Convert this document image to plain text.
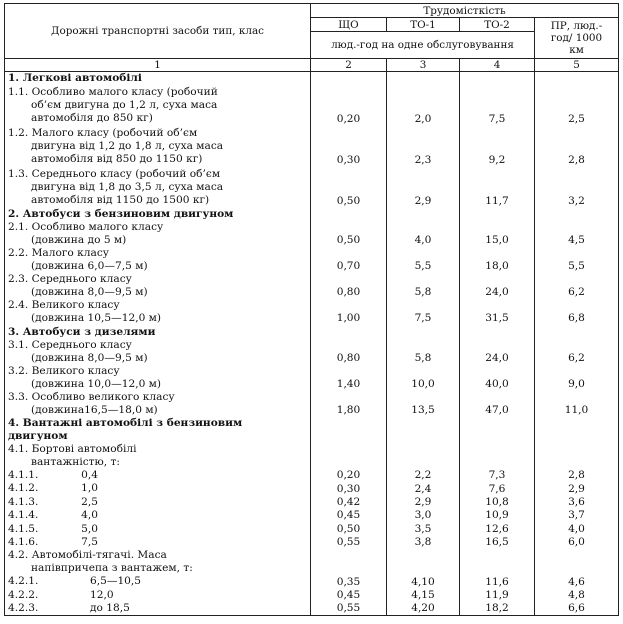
Дорожні транспортні засоби тип, клас	Трудомісткість			
	ЩО	ТО-1	ТО-2	ПР, люд.-год/ 1000 км
	люд.-год на одне обслуговування			
1	2	3	4	5
1. Легкові автомобілі				
1.1. Особливо малого класу (робочий
об’єм двигуна до 1,2 л, суха маса
автомобіля до 850 кг)	0,20	2,0	7,5	2,5
1.2. Малого класу (робочий об’єм
двигуна від 1,2 до 1,8 л, суха маса
автомобіля від 850 до 1150 кг)	0,30	2,3	9,2	2,8
1.3. Середнього класу (робочий об’єм
двигуна від 1,8 до 3,5 л, суха маса
автомобіля від 1150 до 1500 кг)	0,50	2,9	11,7	3,2
2. Автобуси з бензиновим двигуном				
2.1. Особливо малого класу
(довжина до 5 м)	0,50	4,0	15,0	4,5
2.2. Малого класу
(довжина 6,0—7,5 м)	0,70	5,5	18,0	5,5
2.3. Середнього класу
(довжина 8,0—9,5 м)	0,80	5,8	24,0	6,2
2.4. Великого класу
(довжина 10,5—12,0 м)	1,00	7,5	31,5	6,8
3. Автобуси з дизелями				
3.1. Середнього класу
(довжина 8,0—9,5 м)	0,80	5,8	24,0	6,2
3.2. Великого класу
(довжина 10,0—12,0 м)	1,40	10,0	40,0	9,0
3.3. Особливо великого класу
(довжина16,5—18,0 м)	1,80	13,5	47,0	11,0
4. Вантажні автомобілі з бензиновим
двигуном				
4.1. Бортові автомобілі
вантажністю, т:				
4.1.1. 0,4	0,20	2,2	7,3	2,8
4.1.2. 1,0	0,30	2,4	7,6	2,9
4.1.3. 2,5	0,42	2,9	10,8	3,6
4.1.4. 4,0	0,45	3,0	10,9	3,7
4.1.5. 5,0	0,50	3,5	12,6	4,0
4.1.6. 7,5	0,55	3,8	16,5	6,0
4.2. Автомобілі-тягачі. Маса
напівпричепа з вантажем, т:				
4.2.1. 6,5—10,5	0,35	4,10	11,6	4,6
4.2.2. 12,0	0,45	4,15	11,9	4,8
4.2.3. до 18,5	0,55	4,20	18,2	6,6
